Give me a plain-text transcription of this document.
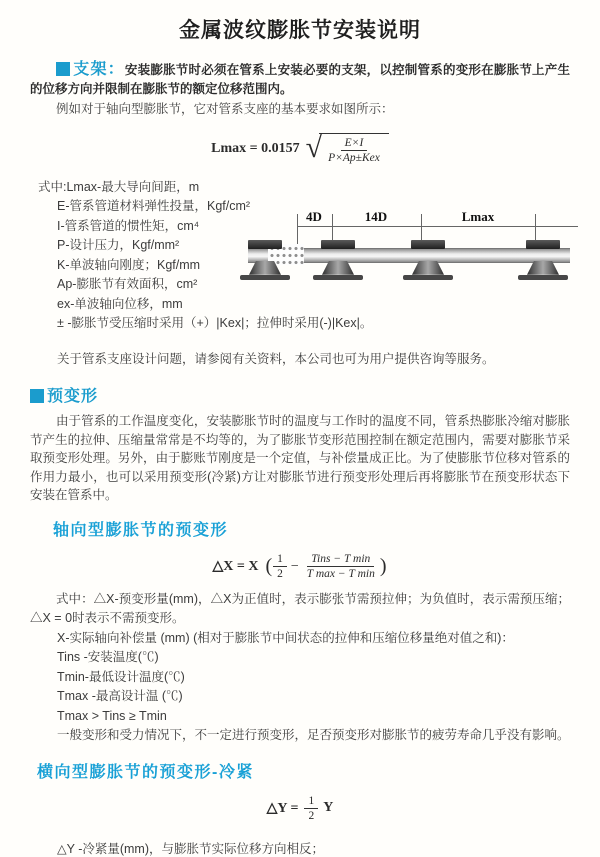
金属波纹膨胀节安装说明

支架：安装膨胀节时必须在管系上安装必要的支架，以控制管系的变形在膨胀节上产生的位移方向并限制在膨胀节的额定位移范围内。

例如对于轴向型膨胀节，它对管系支座的基本要求如图所示：

Lmax = 0.0157 √ $\frac{E\times I}{\text{P×Ap±Kex}}$
式中:Lmax-最大导向间距，m
E-管系管道材料弹性投量，Kgf/cm²
I-管系管道的惯性矩，cm⁴
P-设计压力，Kgf/mm²
K-单波轴向刚度；Kgf/mm
Ap-膨胀节有效面积，cm²
ex-单波轴向位移，mm
± -膨胀节受压缩时采用（+）|Kex|；拉伸时采用(-)|Kex|。
4D	14D	Lmax
关于管系支座设计问题，请参阅有关资料，本公司也可为用户提供咨询等服务。
预变形

由于管系的工作温度变化，安装膨胀节时的温度与工作时的温度不同，管系热膨胀冷缩对膨胀节产生的拉伸、压缩量常常是不均等的，为了膨胀节变形范围控制在额定范围内，需要对膨胀节采取预变形处理。另外，由于膨账节刚度是一个定值，与补偿量成正比。为了使膨胀节位移对管系的作用力最小，也可以采用预变形(冷紧)方让对膨胀节进行预变形处理后再将膨胀节在预变形状态下安装在管系中。

轴向型膨胀节的预变形
△X = X ( $\frac{1}{2} - \frac{\text{Tins − T min}}{\text{T max − T min}}$ )

式中：△X-预变形量(mm)，△X为正值时，表示膨张节需预拉伸；为负值时，表示需预压缩；△X = 0时表示不需预变形。

X-实际轴向补偿量 (mm) (相对于膨胀节中间状态的拉伸和压缩位移量绝对值之和)：
Tins -安装温度(℃)
Tmin-最低设计温度(℃)
Tmax -最高设计温 (℃)
Tmax > Tins ≥ Tmin
一般变形和受力情况下，不一定进行预变形，足否预变形对膨胀节的疲劳寿命几乎没有影响。
横向型膨胀节的预变形-冷紧
△Y = $\frac{1}{2}$ Y
△Y -冷紧量(mm)，与膨胀节实际位移方向相反；
